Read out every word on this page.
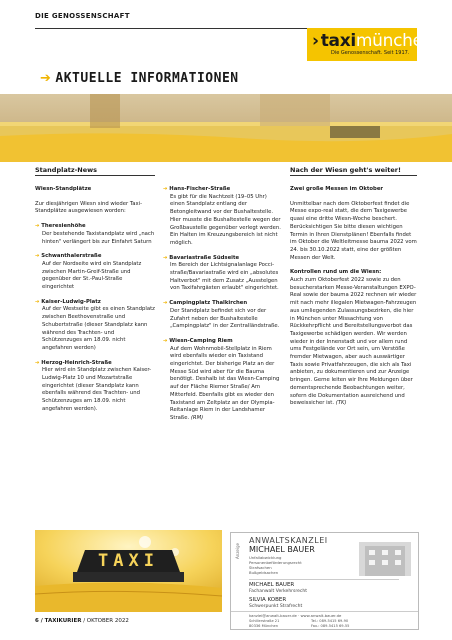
DIE GENOSSENSCHAFT
› taximünchen
Die Genossenschaft. Seit 1917.
➔ AKTUELLE INFORMATIONEN
Standplatz-News	Nach der Wiesn geht's weiter!

Wiesn-Standplätze

Zur diesjährigen Wiesn sind wieder Taxi-Standplätze ausgewiesen worden:

➔ Theresienhöhe

Der bestehende Taxistandplatz wird „nach hinten" verlängert bis zur Einfahrt Saturn

➔ Schwanthalerstraße

Auf der Nordseite wird ein Standplatz zwischen Martin-Greif-Straße und gegenüber der St.-Paul-Straße eingerichtet

➔ Kaiser-Ludwig-Platz

Auf der Westseite gibt es einen Standplatz zwischen Beethovenstraße und Schubertstraße (dieser Standplatz kann während des Trachten- und Schützenzuges am 18.09. nicht angefahren werden)

➔ Herzog-Heinrich-Straße

Hier wird ein Standplatz zwischen Kaiser-Ludwig-Platz 10 und Mozartstraße eingerichtet (dieser Standplatz kann ebenfalls während des Trachten- und Schützenzuges am 18.09. nicht angefahren werden).

➔ Hans-Fischer-Straße

Es gibt für die Nachtzeit (19–05 Uhr) einen Standplatz entlang der Betongleitwand vor der Bushaltestelle. Hier musste die Bushaltestelle wegen der Großbaustelle gegenüber verlegt werden. Ein Halten im Kreuzungsbereich ist nicht möglich.

➔ Bavariastraße Südseite

Im Bereich der Lichtsignalanlage Pocci-straße/Bavariastraße wird ein „absolutes Haltverbot" mit dem Zusatz „Ausstelgen von Taxifahrgästen erlaubt" eingerichtet.

➔ Campingplatz Thalkirchen

Der Standplatz befindet sich vor der Zufahrt neben der Bushaltestelle „Campingplatz" in der Zentralländstraße.

➔ Wiesn-Camping Riem

Auf dem Wohnmobil-Stellplatz in Riem wird ebenfalls wieder ein Taxistand eingerichtet. Der bisherige Platz an der Messe Süd wird aber für die Bauma benötigt. Deshalb ist das Wiesn-Camping auf der Fläche Riemer Straße/ Am Mitterfeld. Ebenfalls gibt es wieder den Taxistand am Zeltplatz an der Olympia-Reitanlage Riem in der Landshamer Straße. (RM)

Zwei große Messen im Oktober

Unmittelbar nach dem Oktoberfest findet die Messe expo-real statt, die dem Taxigewerbe quasi eine dritte Wiesn-Woche beschert. Berücksichtigen Sie bitte diesen wichtigen Termin in Ihren Dienstplänen! Ebenfalls findet im Oktober die Weltleitmesse bauma 2022 vom 24. bis 30.10.2022 statt, eine der größten Messen der Welt.

Kontrollen rund um die Wiesn:

Auch zum Oktoberfest 2022 sowie zu den besucherstarken Messe-Veranstaltungen EXPO-Real sowie der bauma 2022 rechnen wir wieder mit nach mehr illegalen Mietwagen-Fahrzeugen aus umliegenden Zulassungsbezirken, die hier in München unter Missachtung von Rückkehrpflicht und Bereitstellungsverbot das Taxigewerbe schädigen werden. Wir werden wieder in der Innenstadt und vor allem rund ums Festgelände vor Ort sein, um Verstöße fremder Mietwagen, aber auch auswärtiger Taxis sowie Privatfahrzeugen, die sich als Taxi anbieten, zu dokumentieren und zur Anzeige bringen. Gerne leiten wir Ihre Meldungen über dementsprechende Beobachtungen weiter, sofern die Dokumentation ausreichend und beweissicher ist. (TK)

TAXI
Anzeige
ANWALTSKANZLEI
MICHAEL BAUER
Unfallabwicklung
Personenbeförderungsrecht
Strafsachen
Bußgeldsachen
MICHAEL BAUER
Fachanwalt Verkehrsrecht
SILVIA KOBER
Schwerpunkt Strafrecht
kanzlei@anwalt-bauer.de · www.anwalt-bauer.de
Schillerstraße 21
80336 München
Tel.: 089-5415 69-90
Fax.: 089-5415 69-55
6 / TAXIKURIER / OKTOBER 2022
